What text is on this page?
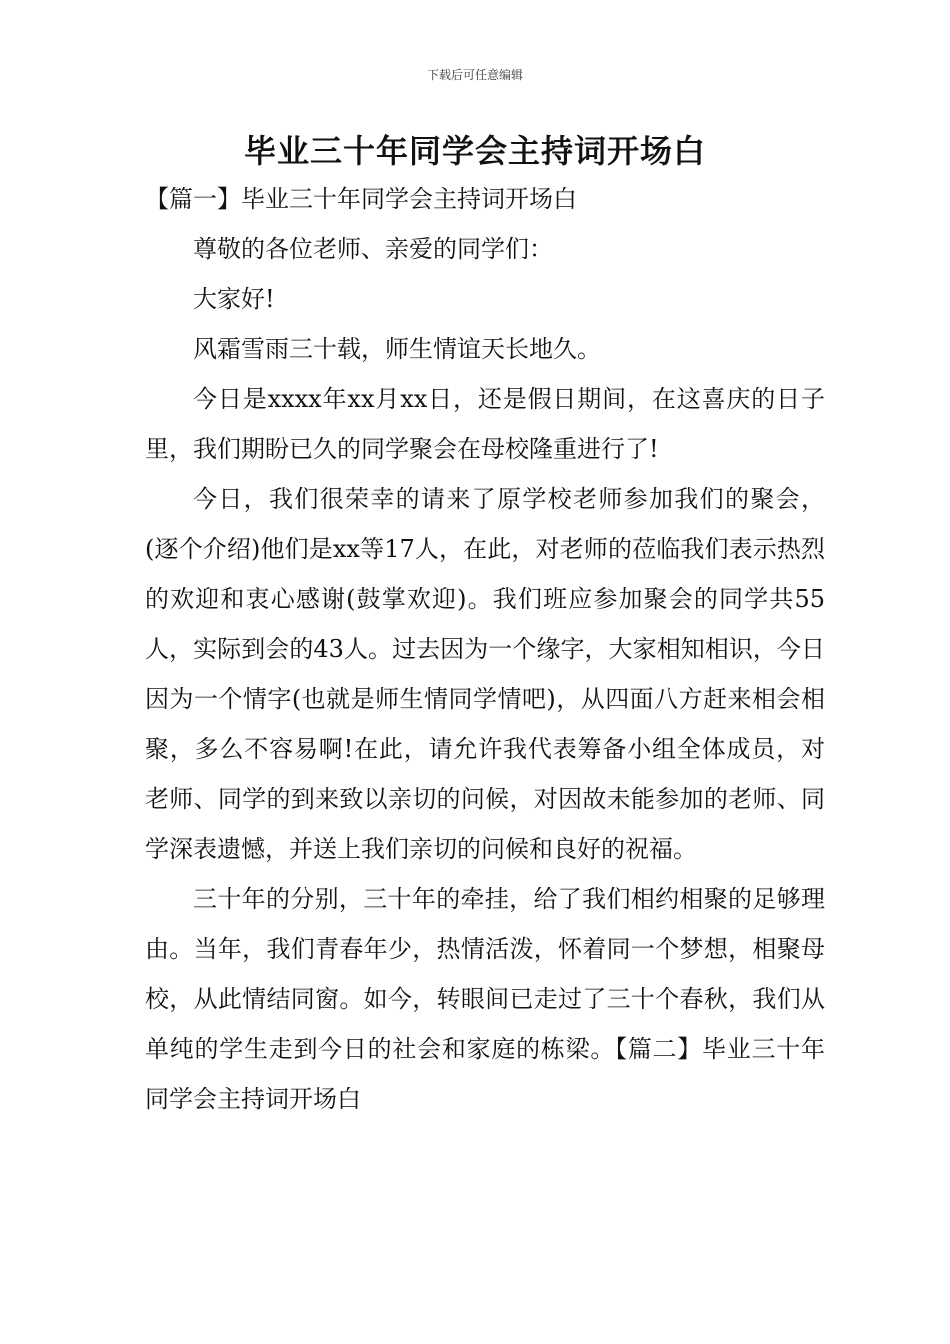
下载后可任意编辑
毕业三十年同学会主持词开场白

【篇一】毕业三十年同学会主持词开场白

尊敬的各位老师、亲爱的同学们：

大家好!

风霜雪雨三十载，师生情谊天长地久。

今日是xxxx年xx月xx日，还是假日期间，在这喜庆的日子里，我们期盼已久的同学聚会在母校隆重进行了!

今日，我们很荣幸的请来了原学校老师参加我们的聚会，(逐个介绍)他们是xx等17人，在此，对老师的莅临我们表示热烈的欢迎和衷心感谢(鼓掌欢迎)。我们班应参加聚会的同学共55人，实际到会的43人。过去因为一个缘字，大家相知相识，今日因为一个情字(也就是师生情同学情吧)，从四面八方赶来相会相聚，多么不容易啊!在此，请允许我代表筹备小组全体成员，对老师、同学的到来致以亲切的问候，对因故未能参加的老师、同学深表遗憾，并送上我们亲切的问候和良好的祝福。

三十年的分别，三十年的牵挂，给了我们相约相聚的足够理由。当年，我们青春年少，热情活泼，怀着同一个梦想，相聚母校，从此情结同窗。如今，转眼间已走过了三十个春秋，我们从单纯的学生走到今日的社会和家庭的栋梁。【篇二】毕业三十年同学会主持词开场白
